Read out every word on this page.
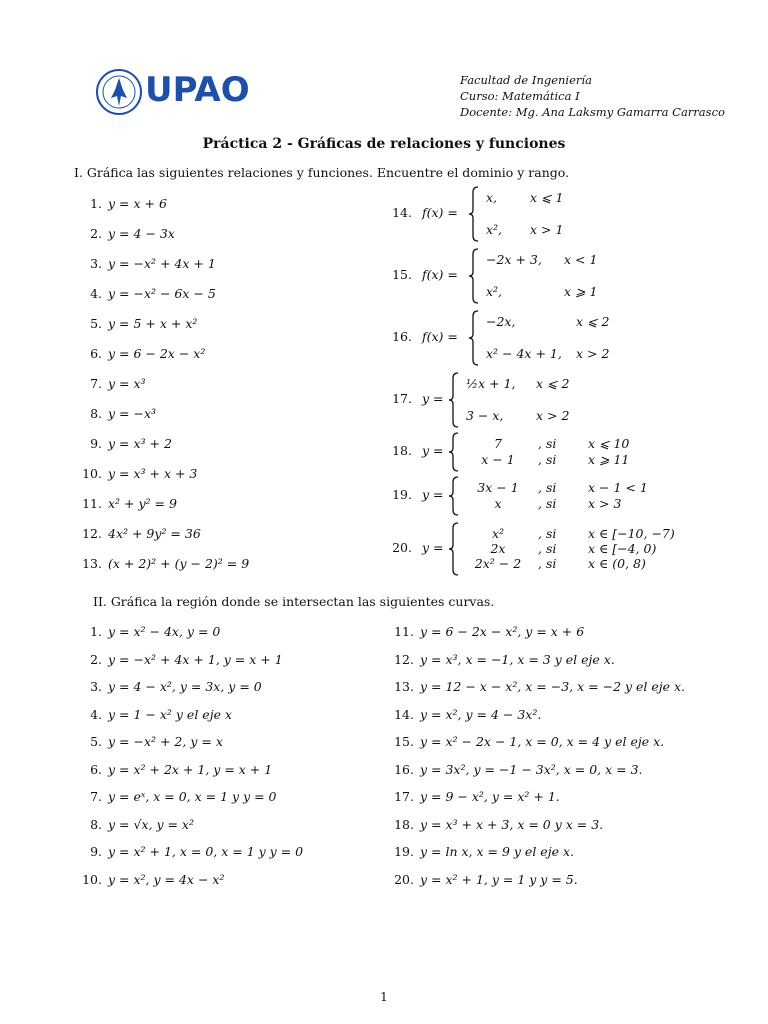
UPAO	Facultad de Ingeniería
Curso: Matemática I
Docente: Mg. Ana Laksmy Gamarra Carrasco
Práctica 2 - Gráficas de relaciones y funciones
I. Gráfica las siguientes relaciones y funciones. Encuentre el dominio y rango.
1. y = x + 6
2. y = 4 − 3x
3. y = −x² + 4x + 1
4. y = −x² − 6x − 5
5. y = 5 + x + x²
6. y = 6 − 2x − x²
7. y = x³
8. y = −x³
9. y = x³ + 2
10. y = x³ + x + 3
11. x² + y² = 9
12. 4x² + 9y² = 36
13. (x + 2)² + (y − 2)² = 9
14. f(x) =
x,	x ⩽ 1
x², x > 1
15. f(x) =
−2x + 3, x < 1
x²,	x ⩾ 1
16. f(x) =
−2x,	x ⩽ 2
x² − 4x + 1, x > 2
17. y =
½x + 1, x ⩽ 2
3 − x,	x > 2
18. y =	7	, si	x ⩽ 10
x − 1	, si	x ⩾ 11
19. y =	3x − 1	, si	x − 1 < 1
x	, si	x > 3
20. y =
x²	, si	x ∈ [−10, −7)
2x	, si	x ∈ [−4, 0)
2x² − 2	, si	x ∈ (0, 8)
II. Gráfica la región donde se intersectan las siguientes curvas.
1. y = x² − 4x, y = 0
2. y = −x² + 4x + 1, y = x + 1
3. y = 4 − x², y = 3x, y = 0
4. y = 1 − x² y el eje x
5. y = −x² + 2, y = x
6. y = x² + 2x + 1, y = x + 1
7. y = eˣ, x = 0, x = 1 y y = 0
8. y = √x, y = x²
9. y = x² + 1, x = 0, x = 1 y y = 0
10. y = x², y = 4x − x²
11. y = 6 − 2x − x², y = x + 6
12. y = x³, x = −1, x = 3 y el eje x.
13. y = 12 − x − x², x = −3, x = −2 y el eje x.
14. y = x², y = 4 − 3x².
15. y = x² − 2x − 1, x = 0, x = 4 y el eje x.
16. y = 3x², y = −1 − 3x², x = 0, x = 3.
17. y = 9 − x², y = x² + 1.
18. y = x³ + x + 3, x = 0 y x = 3.
19. y = ln x, x = 9 y el eje x.
20. y = x² + 1, y = 1 y y = 5.
1
